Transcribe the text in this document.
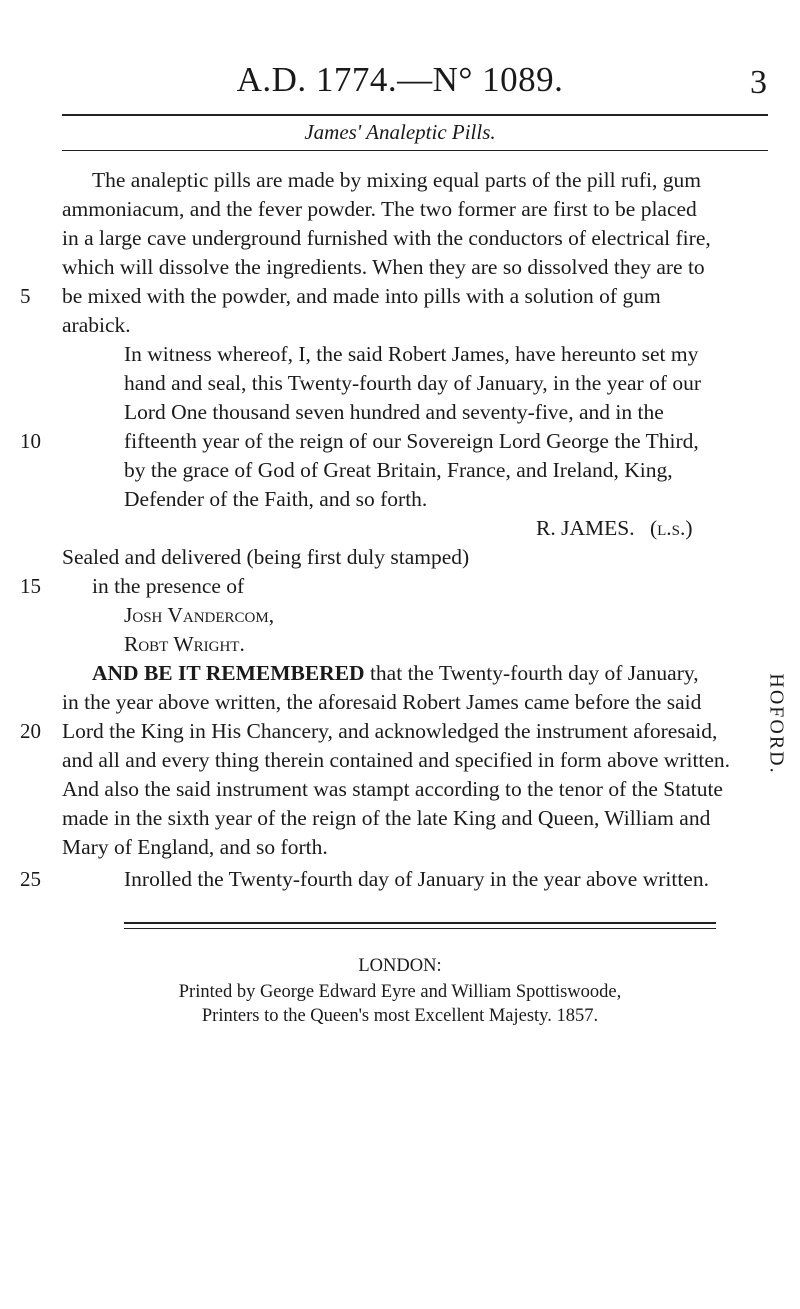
A.D. 1774.—N° 1089.	3
James' Analeptic Pills.
The analeptic pills are made by mixing equal parts of the pill rufi, gum
ammoniacum, and the fever powder. The two former are first to be placed
in a large cave underground furnished with the conductors of electrical fire,
which will dissolve the ingredients. When they are so dissolved they are to
be mixed with the powder, and made into pills with a solution of gum
arabick.
In witness whereof, I, the said Robert James, have hereunto set my
hand and seal, this Twenty-fourth day of January, in the year of our
Lord One thousand seven hundred and seventy-five, and in the
fifteenth year of the reign of our Sovereign Lord George the Third,
by the grace of God of Great Britain, France, and Ireland, King,
Defender of the Faith, and so forth.
R. JAMES. (l.s.)
Sealed and delivered (being first duly stamped)
in the presence of
Josh Vandercom,
Robt Wright.
AND BE IT REMEMBERED that the Twenty-fourth day of January,
in the year above written, the aforesaid Robert James came before the said
Lord the King in His Chancery, and acknowledged the instrument aforesaid,
and all and every thing therein contained and specified in form above written.
And also the said instrument was stampt according to the tenor of the Statute
made in the sixth year of the reign of the late King and Queen, William and
Mary of England, and so forth.
Inrolled the Twenty-fourth day of January in the year above written.
5
10
15
20
25
HOFORD.
LONDON:
Printed by George Edward Eyre and William Spottiswoode,
Printers to the Queen's most Excellent Majesty. 1857.
